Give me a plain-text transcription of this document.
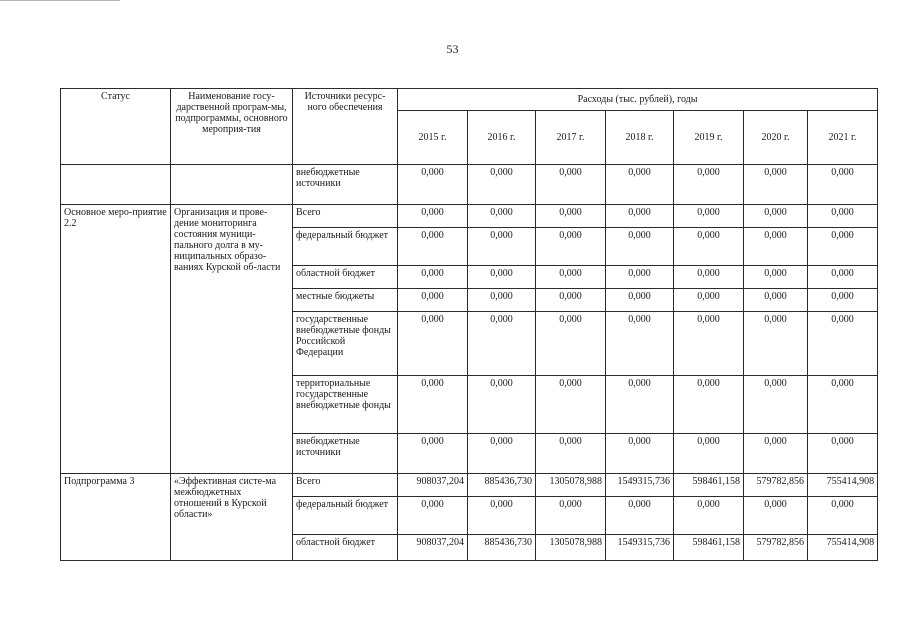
53
Статус	Наименование госу-дарственной програм-мы, подпрограммы, основного мероприя-тия	Источники ресурс-ного обеспечения	Расходы (тыс. рублей), годы						
			2015 г.	2016 г.	2017 г.	2018 г.	2019 г.	2020 г.	2021 г.
		внебюджетные источники	0,000	0,000	0,000	0,000	0,000	0,000	0,000
Основное меро-приятие 2.2	Организация и прове-дение мониторинга состояния муници-пального долга в му-ниципальных образо-ваниях Курской об-ласти	Всего	0,000	0,000	0,000	0,000	0,000	0,000	0,000
		федеральный бюджет	0,000	0,000	0,000	0,000	0,000	0,000	0,000
		областной бюджет	0,000	0,000	0,000	0,000	0,000	0,000	0,000
		местные бюджеты	0,000	0,000	0,000	0,000	0,000	0,000	0,000
		государственные внебюджетные фонды Российской Федерации	0,000	0,000	0,000	0,000	0,000	0,000	0,000
		территориальные государственные внебюджетные фонды	0,000	0,000	0,000	0,000	0,000	0,000	0,000
		внебюджетные источники	0,000	0,000	0,000	0,000	0,000	0,000	0,000
Подпрограмма 3	«Эффективная систе-ма межбюджетных отношений в Курской области»	Всего	908037,204	885436,730	1305078,988	1549315,736	598461,158	579782,856	755414,908
		федеральный бюджет	0,000	0,000	0,000	0,000	0,000	0,000	0,000
		областной бюджет	908037,204	885436,730	1305078,988	1549315,736	598461,158	579782,856	755414,908
